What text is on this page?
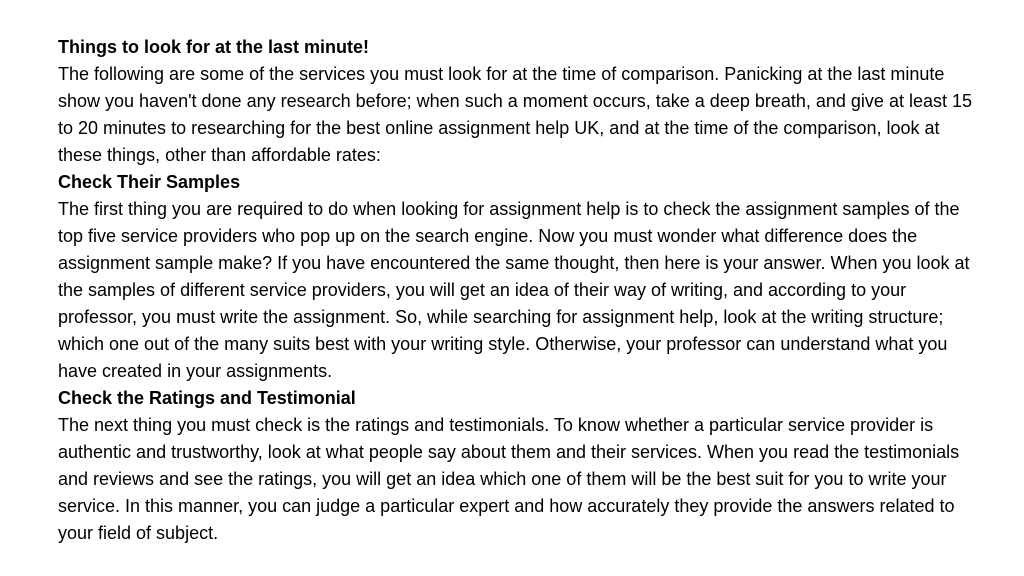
Things to look for at the last minute!

The following are some of the services you must look for at the time of comparison. Panicking at the last minute show you haven't done any research before; when such a moment occurs, take a deep breath, and give at least 15 to 20 minutes to researching for the best online assignment help UK, and at the time of the comparison, look at these things, other than affordable rates:

Check Their Samples

The first thing you are required to do when looking for assignment help is to check the assignment samples of the top five service providers who pop up on the search engine. Now you must wonder what difference does the assignment sample make? If you have encountered the same thought, then here is your answer. When you look at the samples of different service providers, you will get an idea of their way of writing, and according to your professor, you must write the assignment. So, while searching for assignment help, look at the writing structure; which one out of the many suits best with your writing style. Otherwise, your professor can understand what you have created in your assignments.

Check the Ratings and Testimonial

The next thing you must check is the ratings and testimonials. To know whether a particular service provider is authentic and trustworthy, look at what people say about them and their services. When you read the testimonials and reviews and see the ratings, you will get an idea which one of them will be the best suit for you to write your service. In this manner, you can judge a particular expert and how accurately they provide the answers related to your field of subject.
